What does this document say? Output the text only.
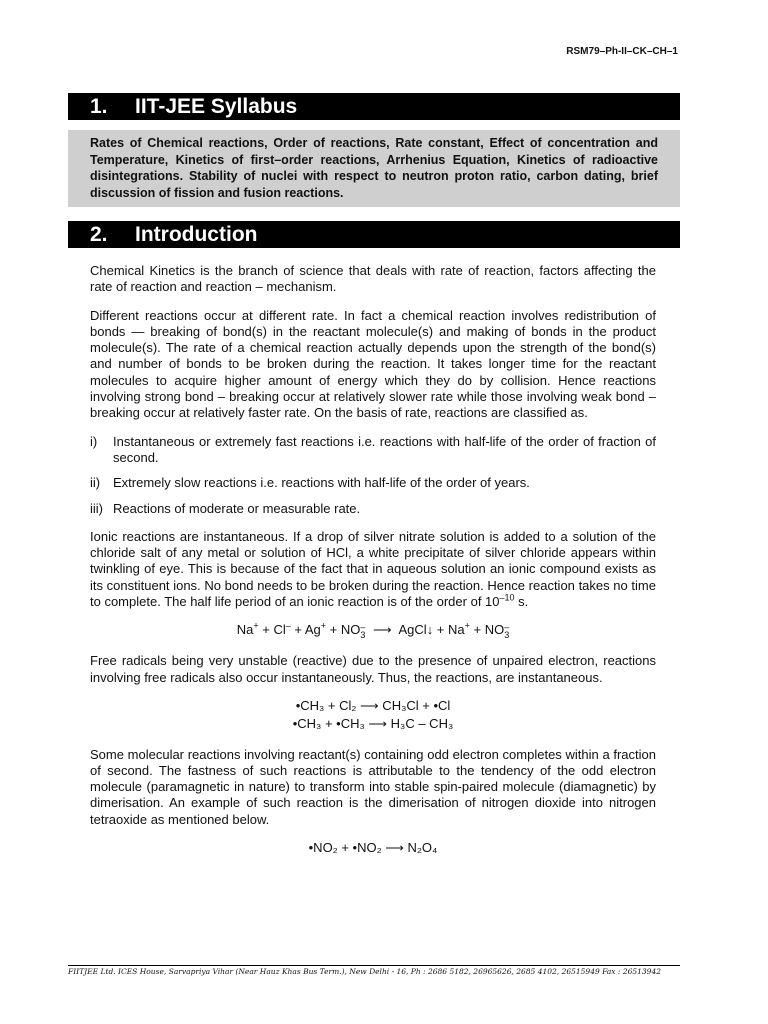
RSM79–Ph-II–CK–CH–1
1. IIT-JEE Syllabus
Rates of Chemical reactions, Order of reactions, Rate constant, Effect of concentration and Temperature, Kinetics of first–order reactions, Arrhenius Equation, Kinetics of radioactive disintegrations. Stability of nuclei with respect to neutron proton ratio, carbon dating, brief discussion of fission and fusion reactions.
2. Introduction

Chemical Kinetics is the branch of science that deals with rate of reaction, factors affecting the rate of reaction and reaction – mechanism.

Different reactions occur at different rate. In fact a chemical reaction involves redistribution of bonds — breaking of bond(s) in the reactant molecule(s) and making of bonds in the product molecule(s). The rate of a chemical reaction actually depends upon the strength of the bond(s) and number of bonds to be broken during the reaction. It takes longer time for the reactant molecules to acquire higher amount of energy which they do by collision. Hence reactions involving strong bond – breaking occur at relatively slower rate while those involving weak bond – breaking occur at relatively faster rate. On the basis of rate, reactions are classified as.

i)	Instantaneous or extremely fast reactions i.e. reactions with half-life of the order of fraction of second.
ii) Extremely slow reactions i.e. reactions with half-life of the order of years.
iii) Reactions of moderate or measurable rate.

Ionic reactions are instantaneous. If a drop of silver nitrate solution is added to a solution of the chloride salt of any metal or solution of HCl, a white precipitate of silver chloride appears within twinkling of eye. This is because of the fact that in aqueous solution an ionic compound exists as its constituent ions. No bond needs to be broken during the reaction. Hence reaction takes no time to complete. The half life period of an ionic reaction is of the order of $10^{-10}$ s.

Na+ + Cl– + Ag+ + NO –
3 ⟶ AgCl↓ + Na+ + NO –
3

Free radicals being very unstable (reactive) due to the presence of unpaired electron, reactions involving free radicals also occur instantaneously. Thus, the reactions, are instantaneous.

•CH₃ + Cl₂ ⟶ CH₃Cl + •Cl
•CH₃ + •CH₃ ⟶ H₃C – CH₃

Some molecular reactions involving reactant(s) containing odd electron completes within a fraction of second. The fastness of such reactions is attributable to the tendency of the odd electron molecule (paramagnetic in nature) to transform into stable spin-paired molecule (diamagnetic) by dimerisation. An example of such reaction is the dimerisation of nitrogen dioxide into nitrogen tetraoxide as mentioned below.

•NO₂ + •NO₂ ⟶ N₂O₄
FIITJEE Ltd. ICES House, Sarvapriya Vihar (Near Hauz Khas Bus Term.), New Delhi - 16, Ph : 2686 5182, 26965626, 2685 4102, 26515949 Fax : 26513942
